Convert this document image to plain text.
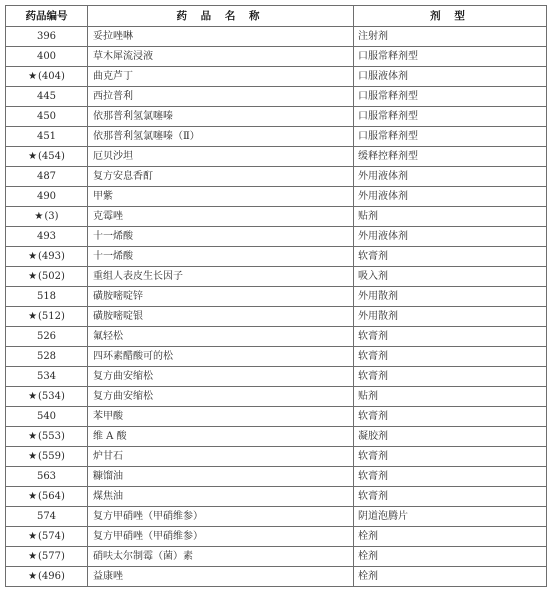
药品编号	药 品 名 称	剂 型
396	妥拉唑啉	注射剂
400	草木犀流浸液	口服常释剂型
★(404)	曲克芦丁	口服液体剂
445	西拉普利	口服常释剂型
450	依那普利氢氯噻嗪	口服常释剂型
451	依那普利氢氯噻嗪（Ⅱ）	口服常释剂型
★(454)	厄贝沙坦	缓释控释剂型
487	复方安息香酊	外用液体剂
490	甲紫	外用液体剂
★(3)	克霉唑	贴剂
493	十一烯酸	外用液体剂
★(493)	十一烯酸	软膏剂
★(502)	重组人表皮生长因子	吸入剂
518	磺胺嘧啶锌	外用散剂
★(512)	磺胺嘧啶银	外用散剂
526	氟轻松	软膏剂
528	四环素醋酸可的松	软膏剂
534	复方曲安缩松	软膏剂
★(534)	复方曲安缩松	贴剂
540	苯甲酸	软膏剂
★(553)	维 A 酸	凝胶剂
★(559)	炉甘石	软膏剂
563	糠馏油	软膏剂
★(564)	煤焦油	软膏剂
574	复方甲硝唑（甲硝维参）	阴道泡腾片
★(574)	复方甲硝唑（甲硝维参）	栓剂
★(577)	硝呋太尔制霉（菌）素	栓剂
★(496)	益康唑	栓剂
